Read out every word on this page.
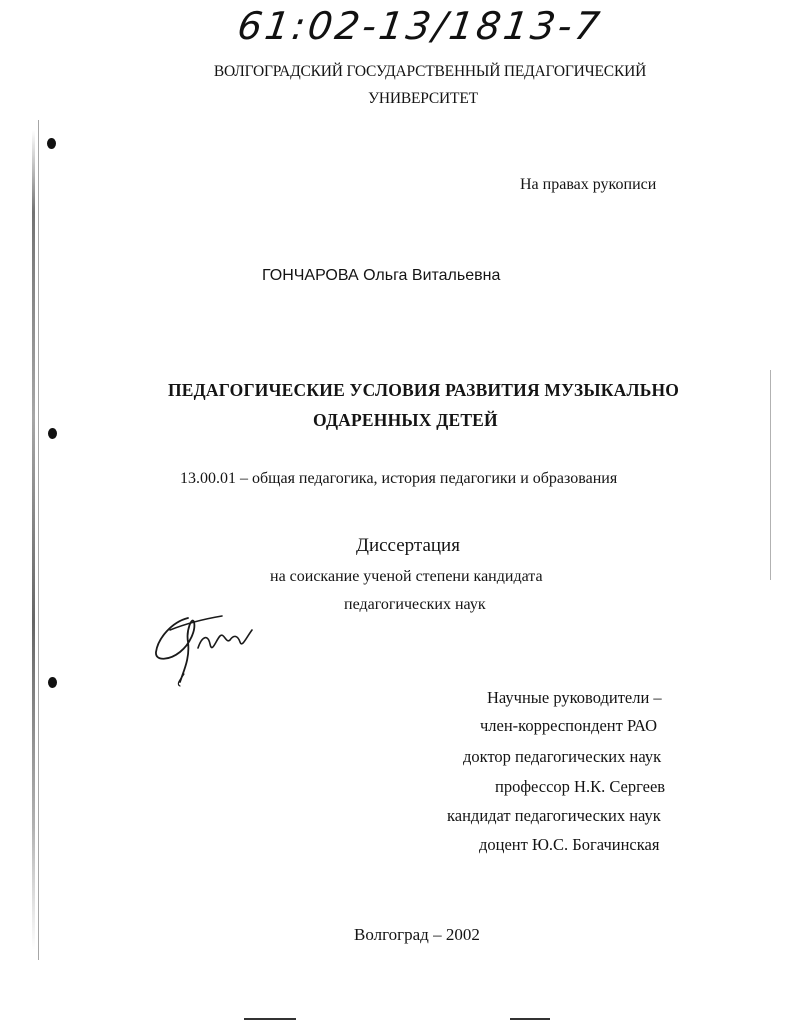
61:02-13/1813-7
ВОЛГОГРАДСКИЙ ГОСУДАРСТВЕННЫЙ ПЕДАГОГИЧЕСКИЙ
УНИВЕРСИТЕТ
На правах рукописи
ГОНЧАРОВА Ольга Витальевна
ПЕДАГОГИЧЕСКИЕ УСЛОВИЯ РАЗВИТИЯ МУЗЫКАЛЬНО
ОДАРЕННЫХ ДЕТЕЙ
13.00.01 – общая педагогика, история педагогики и образования
Диссертация
на соискание ученой степени кандидата
педагогических наук
Научные руководители –
член-корреспондент РАО
доктор педагогических наук
профессор Н.К. Сергеев
кандидат педагогических наук
доцент Ю.С. Богачинская
Волгоград – 2002
